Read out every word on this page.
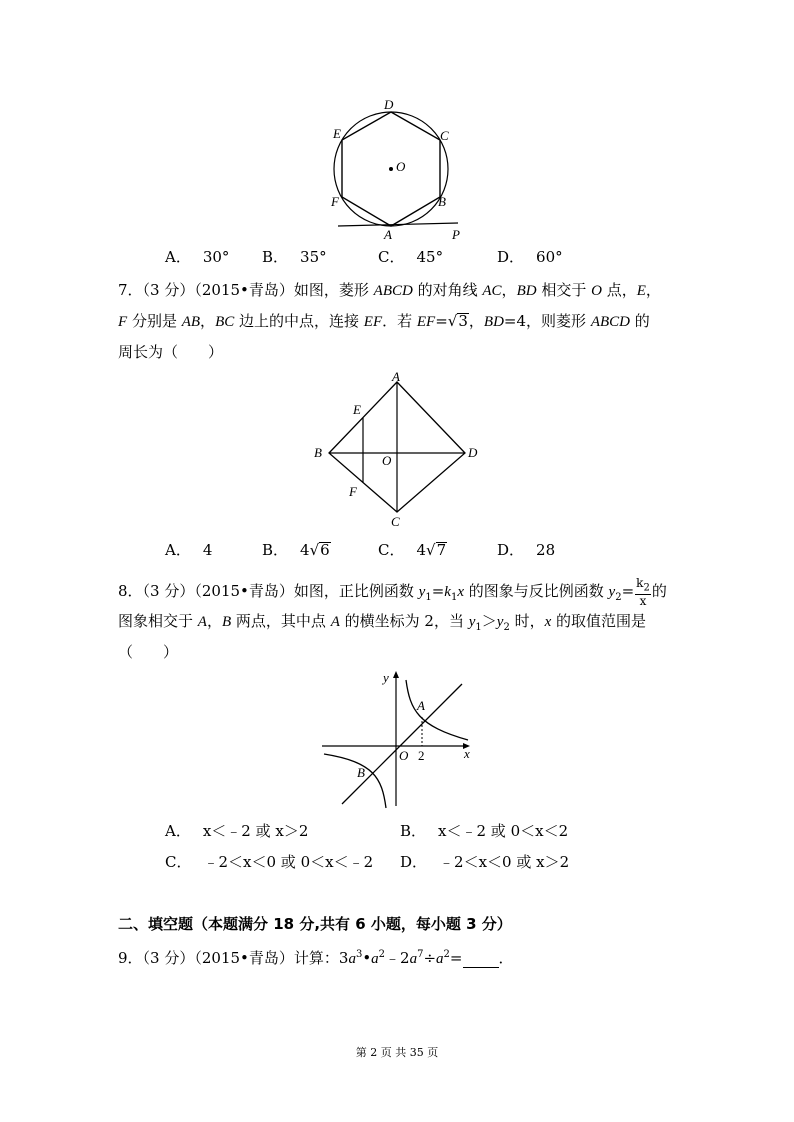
D
E	C
O
F	B
A	P
A． 30° B． 35°	C． 45°	D． 60°
7．（3 分）（2015•青岛）如图，菱形 ABCD 的对角线 AC，BD 相交于 O 点，E，
F 分别是 AB，BC 边上的中点，连接 EF．若 EF=√3，BD=4，则菱形 ABCD 的
周长为（　　）
A
E
B
O
D
F
C
A． 4	B． 4√6	C． 4√7	D． 28
8．（3 分）（2015•青岛）如图，正比例函数 $y_1=k_1x$ 的图象与反比例函数 $y_2= \frac{k_2}{x}$ 的
图象相交于 A，B 两点，其中点 A 的横坐标为 2，当 $y_1>y_2$ 时，x 的取值范围是
（　　）
y
A
O 2	x
B
A． x＜﹣2 或 x＞2	B． x＜﹣2 或 0＜x＜2
C． ﹣2＜x＜0 或 0＜x＜﹣2 D． ﹣2＜x＜0 或 x＞2
二、填空题（本题满分 18 分,共有 6 小题，每小题 3 分）
9．（3 分）（2015•青岛）计算：$3a^3•a^2﹣2a^7\div a^2=$ ．
第 2 页 共 35 页
